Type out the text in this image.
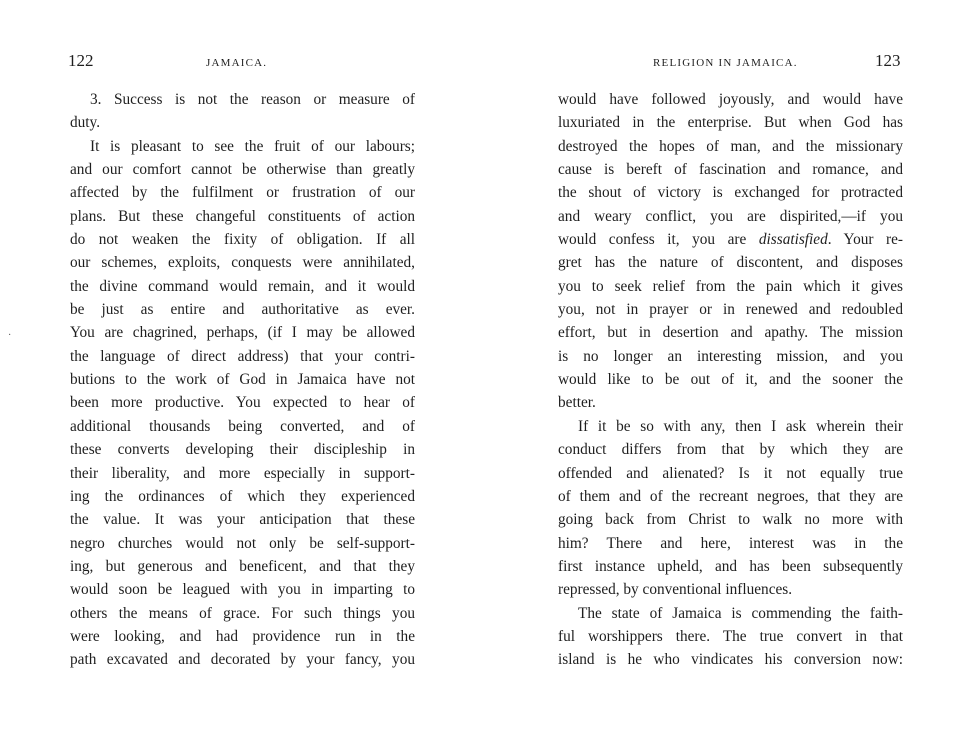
122	JAMAICA.
3. Success is not the reason or measure of
duty.
It is pleasant to see the fruit of our labours;
and our comfort cannot be otherwise than greatly
affected by the fulfilment or frustration of our
plans. But these changeful constituents of action
do not weaken the fixity of obligation. If all
our schemes, exploits, conquests were annihilated,
the divine command would remain, and it would
be just as entire and authoritative as ever.
You are chagrined, perhaps, (if I may be allowed
the language of direct address) that your contri-
butions to the work of God in Jamaica have not
been more productive. You expected to hear of
additional thousands being converted, and of
these converts developing their discipleship in
their liberality, and more especially in support-
ing the ordinances of which they experienced
the value. It was your anticipation that these
negro churches would not only be self-support-
ing, but generous and beneficent, and that they
would soon be leagued with you in imparting to
others the means of grace. For such things you
were looking, and had providence run in the
path excavated and decorated by your fancy, you
·
RELIGION IN JAMAICA.	123
would have followed joyously, and would have
luxuriated in the enterprise. But when God has
destroyed the hopes of man, and the missionary
cause is bereft of fascination and romance, and
the shout of victory is exchanged for protracted
and weary conflict, you are dispirited,—if you
would confess it, you are dissatisfied. Your re-
gret has the nature of discontent, and disposes
you to seek relief from the pain which it gives
you, not in prayer or in renewed and redoubled
effort, but in desertion and apathy. The mission
is no longer an interesting mission, and you
would like to be out of it, and the sooner the
better.
If it be so with any, then I ask wherein their
conduct differs from that by which they are
offended and alienated? Is it not equally true
of them and of the recreant negroes, that they are
going back from Christ to walk no more with
him? There and here, interest was in the
first instance upheld, and has been subsequently
repressed, by conventional influences.
The state of Jamaica is commending the faith-
ful worshippers there. The true convert in that
island is he who vindicates his conversion now:
